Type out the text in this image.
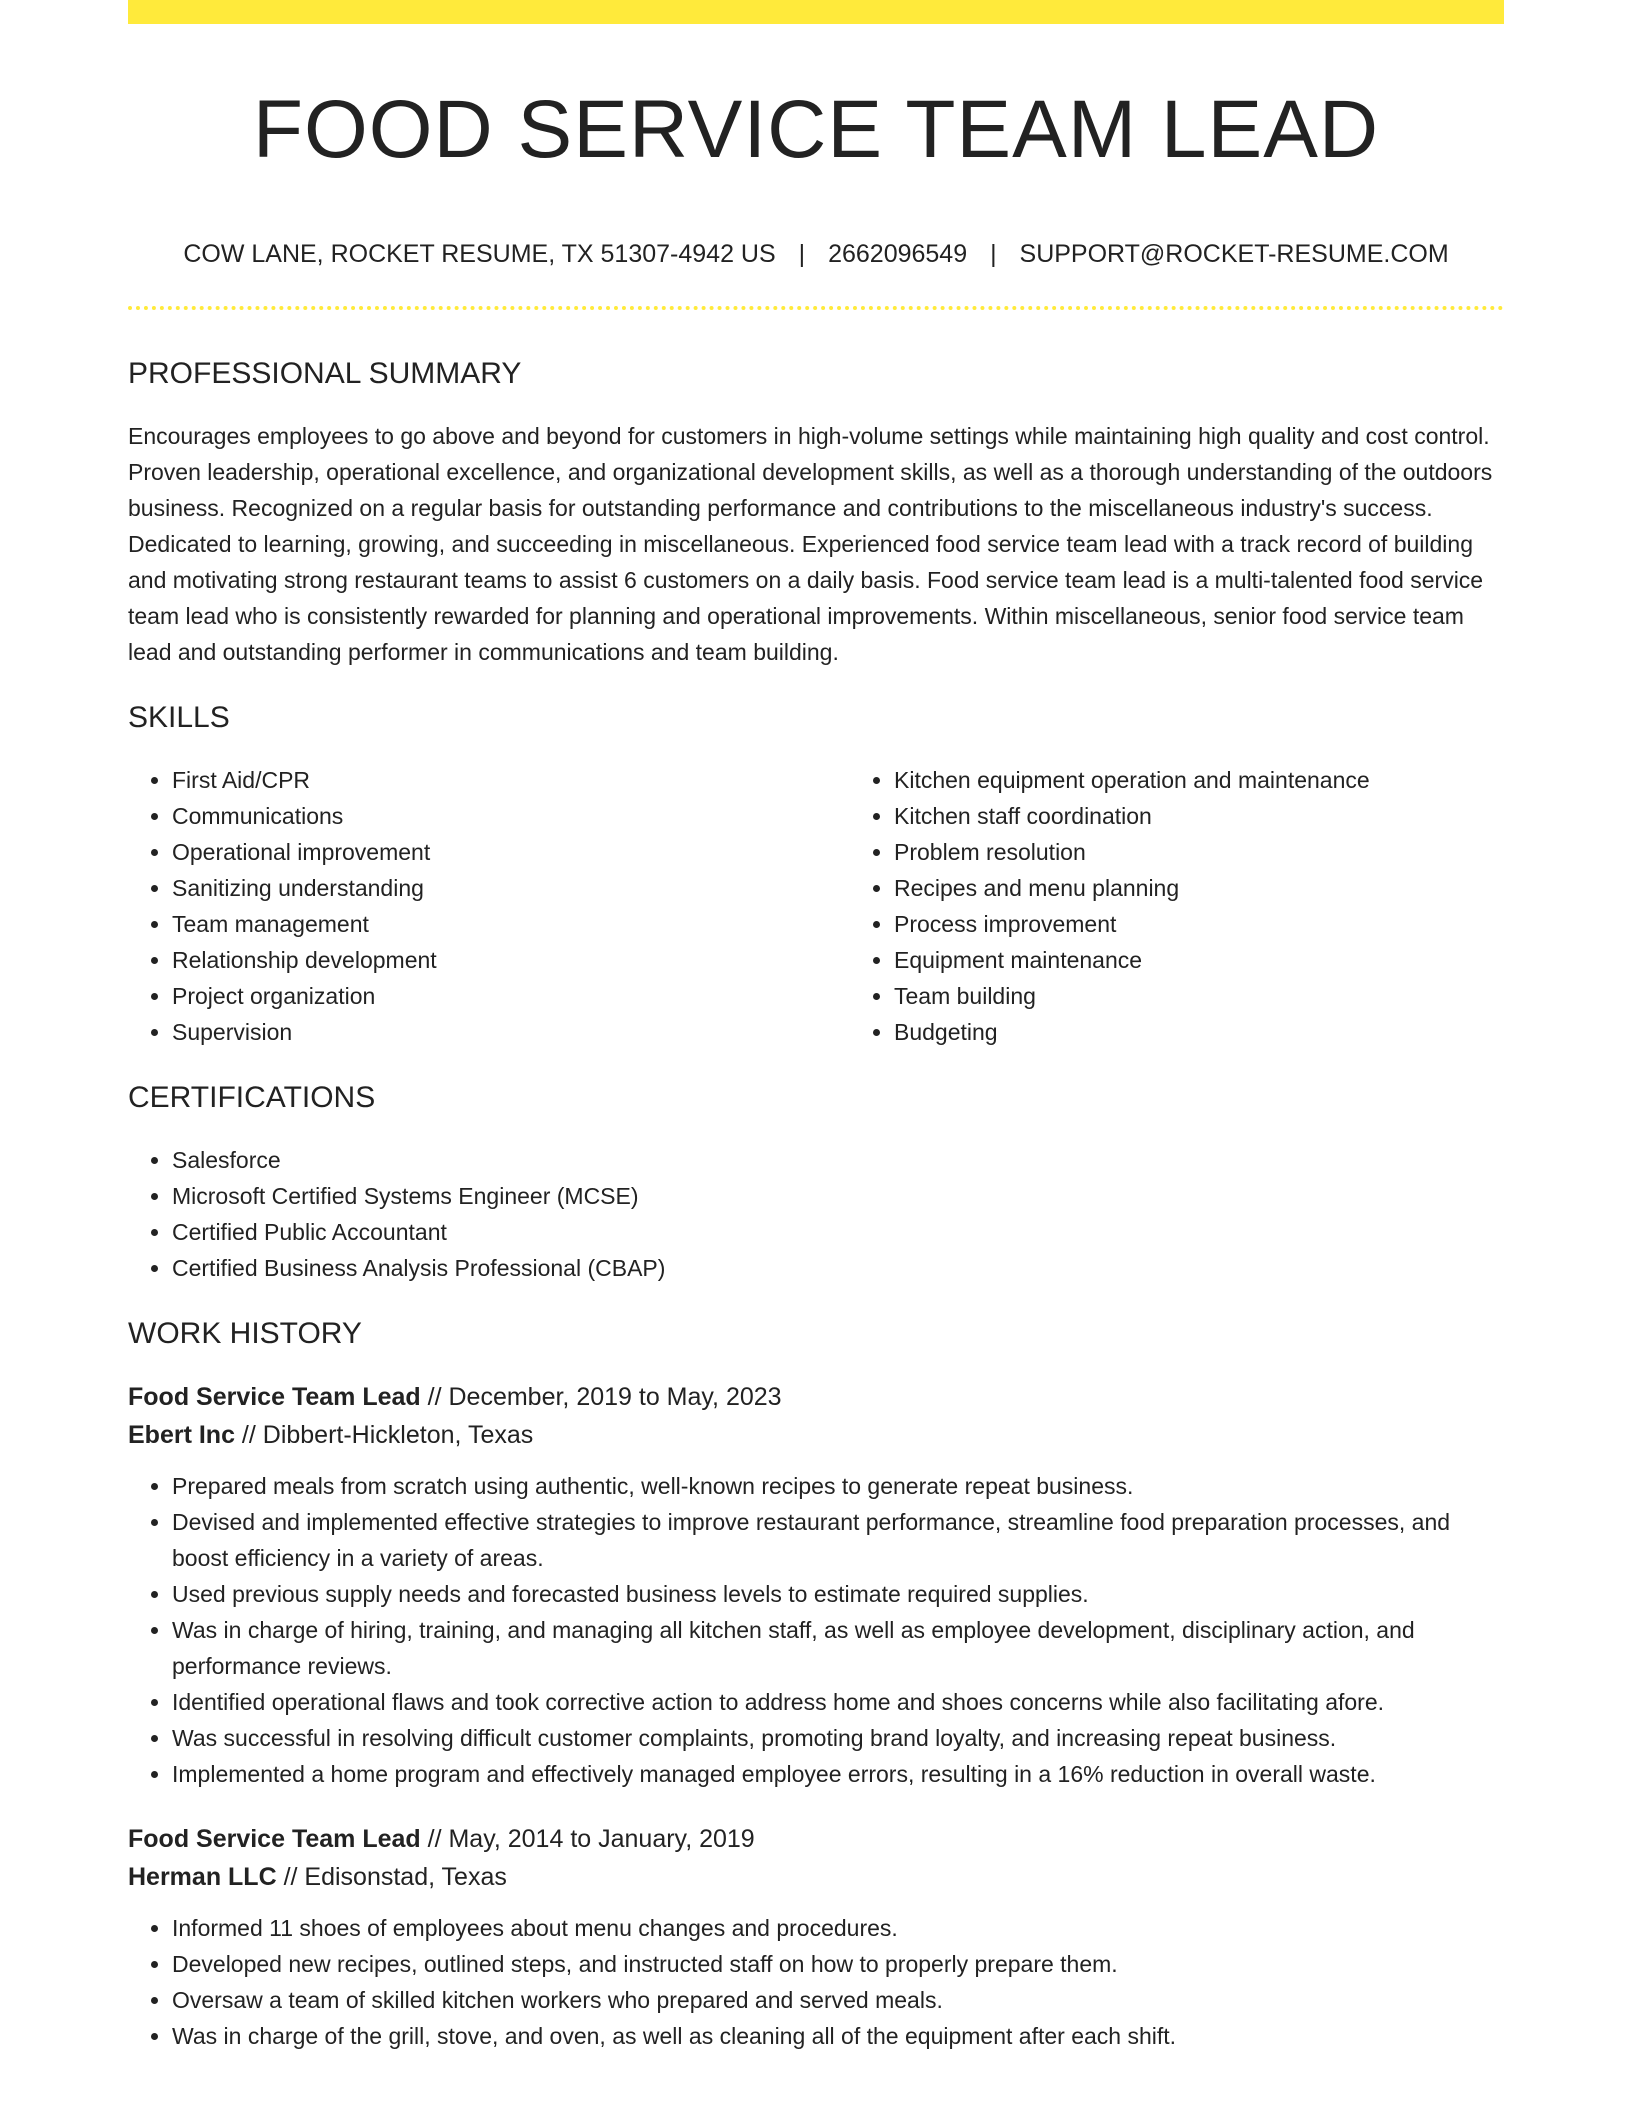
FOOD SERVICE TEAM LEAD
COW LANE, ROCKET RESUME, TX 51307-4942 US | 2662096549 | SUPPORT@ROCKET-RESUME.COM
PROFESSIONAL SUMMARY

Encourages employees to go above and beyond for customers in high-volume settings while maintaining high quality and cost control. Proven leadership, operational excellence, and organizational development skills, as well as a thorough understanding of the outdoors business. Recognized on a regular basis for outstanding performance and contributions to the miscellaneous industry's success. Dedicated to learning, growing, and succeeding in miscellaneous. Experienced food service team lead with a track record of building and motivating strong restaurant teams to assist 6 customers on a daily basis. Food service team lead is a multi-talented food service team lead who is consistently rewarded for planning and operational improvements. Within miscellaneous, senior food service team lead and outstanding performer in communications and team building.

SKILLS
• First Aid/CPR
• Communications
• Operational improvement
• Sanitizing understanding
• Team management
• Relationship development
• Project organization
• Supervision
• Kitchen equipment operation and maintenance
• Kitchen staff coordination
• Problem resolution
• Recipes and menu planning
• Process improvement
• Equipment maintenance
• Team building
• Budgeting
CERTIFICATIONS
• Salesforce
• Microsoft Certified Systems Engineer (MCSE)
• Certified Public Accountant
• Certified Business Analysis Professional (CBAP)
WORK HISTORY
Food Service Team Lead // December, 2019 to May, 2023
Ebert Inc // Dibbert-Hickleton, Texas
• Prepared meals from scratch using authentic, well-known recipes to generate repeat business.
• Devised and implemented effective strategies to improve restaurant performance, streamline food preparation processes, and boost efficiency in a variety of areas.
• Used previous supply needs and forecasted business levels to estimate required supplies.
• Was in charge of hiring, training, and managing all kitchen staff, as well as employee development, disciplinary action, and performance reviews.
• Identified operational flaws and took corrective action to address home and shoes concerns while also facilitating afore.
• Was successful in resolving difficult customer complaints, promoting brand loyalty, and increasing repeat business.
• Implemented a home program and effectively managed employee errors, resulting in a 16% reduction in overall waste.
Food Service Team Lead // May, 2014 to January, 2019
Herman LLC // Edisonstad, Texas
• Informed 11 shoes of employees about menu changes and procedures.
• Developed new recipes, outlined steps, and instructed staff on how to properly prepare them.
• Oversaw a team of skilled kitchen workers who prepared and served meals.
• Was in charge of the grill, stove, and oven, as well as cleaning all of the equipment after each shift.
